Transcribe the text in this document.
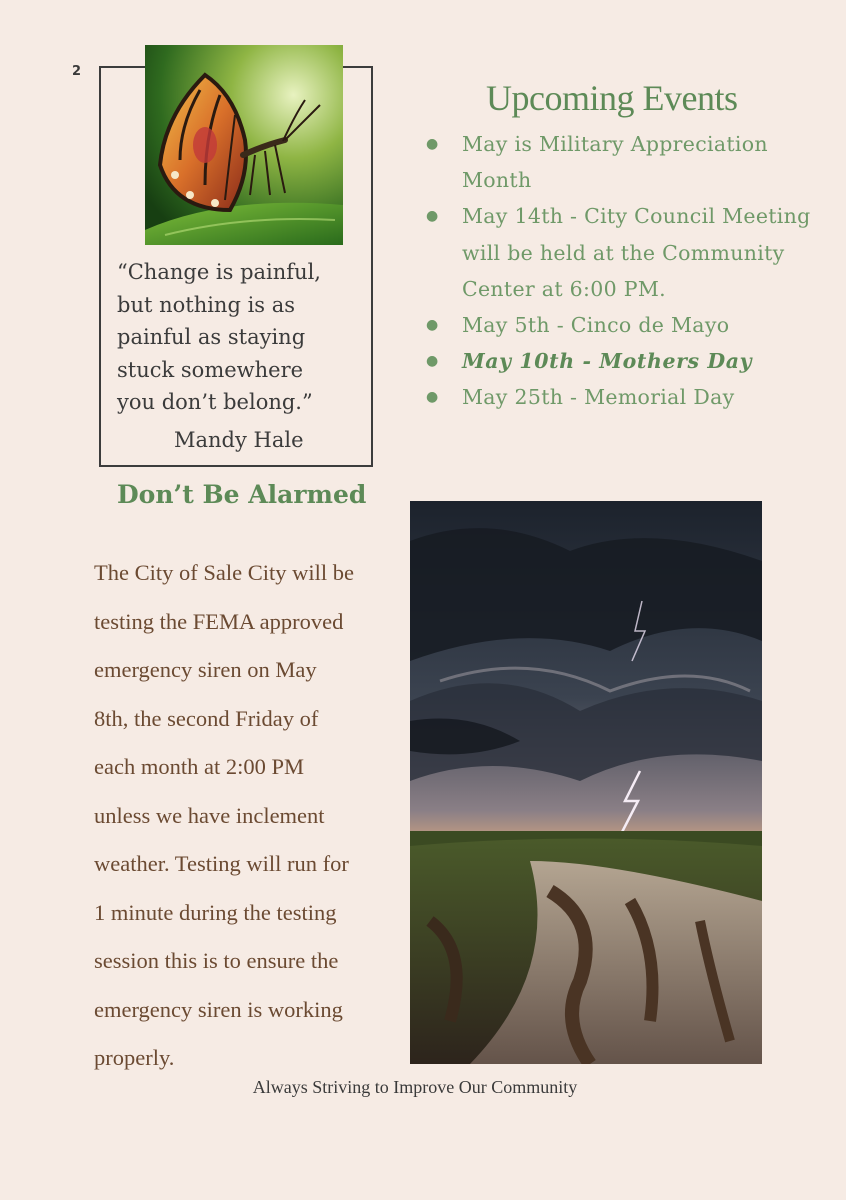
2
“Change is painful,
but nothing is as
painful as staying
stuck somewhere
you don’t belong.”
Mandy Hale
Upcoming Events
● May is Military Appreciation Month
● May 14th - City Council Meeting will be held at the Community Center at 6:00 PM.
● May 5th - Cinco de Mayo
● May 10th - Mothers Day
● May 25th - Memorial Day
Don’t Be Alarmed
The City of Sale City will be
testing the FEMA approved
emergency siren on May
8th, the second Friday of
each month at 2:00 PM
unless we have inclement
weather. Testing will run for
1 minute during the testing
session this is to ensure the
emergency siren is working
properly.
Always Striving to Improve Our Community
